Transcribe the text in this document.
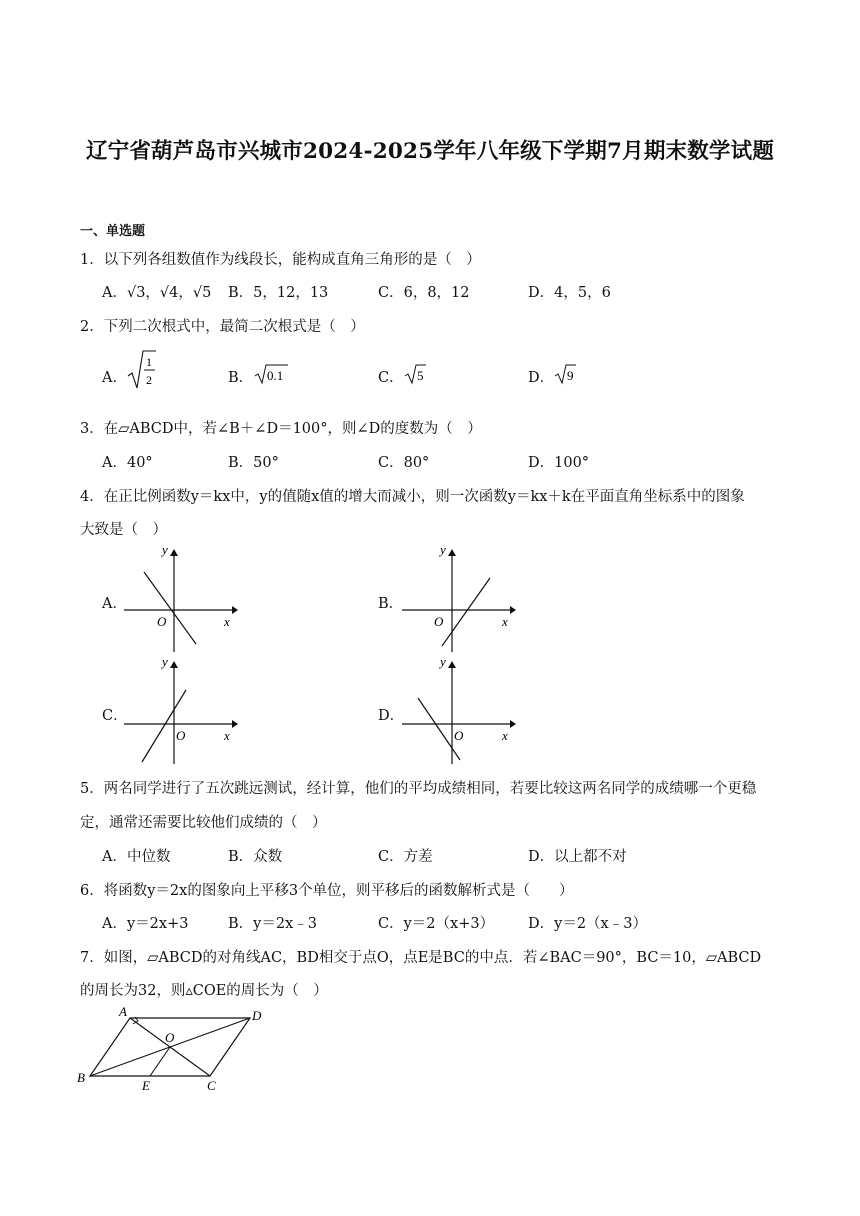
辽宁省葫芦岛市兴城市2024-2025学年八年级下学期7月期末数学试题
一、单选题
1．以下列各组数值作为线段长，能构成直角三角形的是（　）
A．√3，√4，√5 B．5，12，13	C．6，8，12	D．4，5，6
2．下列二次根式中，最简二次根式是（　）
A．
1
2	B． 0.1	C． 5	D． 9
3．在▱ABCD中，若∠B＋∠D＝100°，则∠D的度数为（　）
A．40°	B．50°	C．80°	D．100°
4．在正比例函数y＝kx中，y的值随x值的增大而减小，则一次函数y＝kx＋k在平面直角坐标系中的图象
大致是（　）
A．
y
x
O
B．
y
x
O
C．
y
x
O
D．
y
x
O
5．两名同学进行了五次跳远测试，经计算，他们的平均成绩相同，若要比较这两名同学的成绩哪一个更稳
定，通常还需要比较他们成绩的（　）
A．中位数	B．众数	C．方差	D．以上都不对
6．将函数y＝2x的图象向上平移3个单位，则平移后的函数解析式是（　　）
A．y＝2x+3	B．y＝2x﹣3	C．y＝2（x+3） D．y＝2（x﹣3）
7．如图，▱ABCD的对角线AC，BD相交于点O，点E是BC的中点．若∠BAC＝90°，BC＝10，▱ABCD
的周长为32，则▵COE的周长为（　）
A	D
B
C
O
E
